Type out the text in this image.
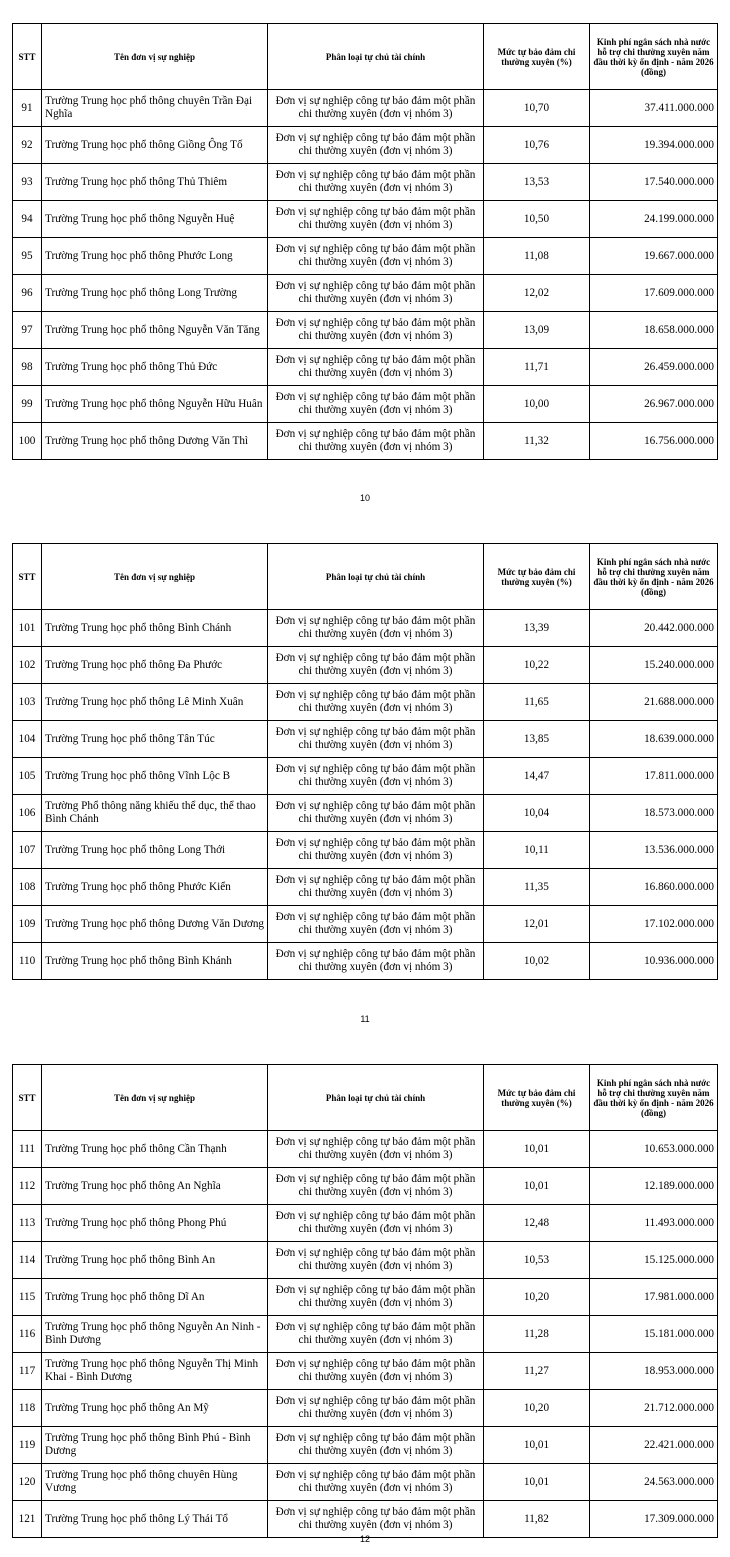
STT	Tên đơn vị sự nghiệp	Phân loại tự chủ tài chính	Mức tự bảo đảm chi thường xuyên (%)	Kinh phí ngân sách nhà nước hỗ trợ chi thường xuyên năm đầu thời kỳ ổn định - năm 2026 (đồng)
91	Trường Trung học phổ thông chuyên Trần Đại Nghĩa	Đơn vị sự nghiệp công tự bảo đảm một phần chi thường xuyên (đơn vị nhóm 3)	10,70	37.411.000.000
92	Trường Trung học phổ thông Giồng Ông Tố	Đơn vị sự nghiệp công tự bảo đảm một phần chi thường xuyên (đơn vị nhóm 3)	10,76	19.394.000.000
93	Trường Trung học phổ thông Thủ Thiêm	Đơn vị sự nghiệp công tự bảo đảm một phần chi thường xuyên (đơn vị nhóm 3)	13,53	17.540.000.000
94	Trường Trung học phổ thông Nguyễn Huệ	Đơn vị sự nghiệp công tự bảo đảm một phần chi thường xuyên (đơn vị nhóm 3)	10,50	24.199.000.000
95	Trường Trung học phổ thông Phước Long	Đơn vị sự nghiệp công tự bảo đảm một phần chi thường xuyên (đơn vị nhóm 3)	11,08	19.667.000.000
96	Trường Trung học phổ thông Long Trường	Đơn vị sự nghiệp công tự bảo đảm một phần chi thường xuyên (đơn vị nhóm 3)	12,02	17.609.000.000
97	Trường Trung học phổ thông Nguyễn Văn Tăng	Đơn vị sự nghiệp công tự bảo đảm một phần chi thường xuyên (đơn vị nhóm 3)	13,09	18.658.000.000
98	Trường Trung học phổ thông Thủ Đức	Đơn vị sự nghiệp công tự bảo đảm một phần chi thường xuyên (đơn vị nhóm 3)	11,71	26.459.000.000
99	Trường Trung học phổ thông Nguyễn Hữu Huân	Đơn vị sự nghiệp công tự bảo đảm một phần chi thường xuyên (đơn vị nhóm 3)	10,00	26.967.000.000
100	Trường Trung học phổ thông Dương Văn Thì	Đơn vị sự nghiệp công tự bảo đảm một phần chi thường xuyên (đơn vị nhóm 3)	11,32	16.756.000.000
10
STT	Tên đơn vị sự nghiệp	Phân loại tự chủ tài chính	Mức tự bảo đảm chi thường xuyên (%)	Kinh phí ngân sách nhà nước hỗ trợ chi thường xuyên năm đầu thời kỳ ổn định - năm 2026 (đồng)
101	Trường Trung học phổ thông Bình Chánh	Đơn vị sự nghiệp công tự bảo đảm một phần chi thường xuyên (đơn vị nhóm 3)	13,39	20.442.000.000
102	Trường Trung học phổ thông Đa Phước	Đơn vị sự nghiệp công tự bảo đảm một phần chi thường xuyên (đơn vị nhóm 3)	10,22	15.240.000.000
103	Trường Trung học phổ thông Lê Minh Xuân	Đơn vị sự nghiệp công tự bảo đảm một phần chi thường xuyên (đơn vị nhóm 3)	11,65	21.688.000.000
104	Trường Trung học phổ thông Tân Túc	Đơn vị sự nghiệp công tự bảo đảm một phần chi thường xuyên (đơn vị nhóm 3)	13,85	18.639.000.000
105	Trường Trung học phổ thông Vĩnh Lộc B	Đơn vị sự nghiệp công tự bảo đảm một phần chi thường xuyên (đơn vị nhóm 3)	14,47	17.811.000.000
106	Trường Phổ thông năng khiếu thể dục, thể thao Bình Chánh	Đơn vị sự nghiệp công tự bảo đảm một phần chi thường xuyên (đơn vị nhóm 3)	10,04	18.573.000.000
107	Trường Trung học phổ thông Long Thới	Đơn vị sự nghiệp công tự bảo đảm một phần chi thường xuyên (đơn vị nhóm 3)	10,11	13.536.000.000
108	Trường Trung học phổ thông Phước Kiển	Đơn vị sự nghiệp công tự bảo đảm một phần chi thường xuyên (đơn vị nhóm 3)	11,35	16.860.000.000
109	Trường Trung học phổ thông Dương Văn Dương	Đơn vị sự nghiệp công tự bảo đảm một phần chi thường xuyên (đơn vị nhóm 3)	12,01	17.102.000.000
110	Trường Trung học phổ thông Bình Khánh	Đơn vị sự nghiệp công tự bảo đảm một phần chi thường xuyên (đơn vị nhóm 3)	10,02	10.936.000.000
11
STT	Tên đơn vị sự nghiệp	Phân loại tự chủ tài chính	Mức tự bảo đảm chi thường xuyên (%)	Kinh phí ngân sách nhà nước hỗ trợ chi thường xuyên năm đầu thời kỳ ổn định - năm 2026 (đồng)
111	Trường Trung học phổ thông Cần Thạnh	Đơn vị sự nghiệp công tự bảo đảm một phần chi thường xuyên (đơn vị nhóm 3)	10,01	10.653.000.000
112	Trường Trung học phổ thông An Nghĩa	Đơn vị sự nghiệp công tự bảo đảm một phần chi thường xuyên (đơn vị nhóm 3)	10,01	12.189.000.000
113	Trường Trung học phổ thông Phong Phú	Đơn vị sự nghiệp công tự bảo đảm một phần chi thường xuyên (đơn vị nhóm 3)	12,48	11.493.000.000
114	Trường Trung học phổ thông Bình An	Đơn vị sự nghiệp công tự bảo đảm một phần chi thường xuyên (đơn vị nhóm 3)	10,53	15.125.000.000
115	Trường Trung học phổ thông Dĩ An	Đơn vị sự nghiệp công tự bảo đảm một phần chi thường xuyên (đơn vị nhóm 3)	10,20	17.981.000.000
116	Trường Trung học phổ thông Nguyễn An Ninh - Bình Dương	Đơn vị sự nghiệp công tự bảo đảm một phần chi thường xuyên (đơn vị nhóm 3)	11,28	15.181.000.000
117	Trường Trung học phổ thông Nguyễn Thị Minh Khai - Bình Dương	Đơn vị sự nghiệp công tự bảo đảm một phần chi thường xuyên (đơn vị nhóm 3)	11,27	18.953.000.000
118	Trường Trung học phổ thông An Mỹ	Đơn vị sự nghiệp công tự bảo đảm một phần chi thường xuyên (đơn vị nhóm 3)	10,20	21.712.000.000
119	Trường Trung học phổ thông Bình Phú - Bình Dương	Đơn vị sự nghiệp công tự bảo đảm một phần chi thường xuyên (đơn vị nhóm 3)	10,01	22.421.000.000
120	Trường Trung học phổ thông chuyên Hùng Vương	Đơn vị sự nghiệp công tự bảo đảm một phần chi thường xuyên (đơn vị nhóm 3)	10,01	24.563.000.000
121	Trường Trung học phổ thông Lý Thái Tổ	Đơn vị sự nghiệp công tự bảo đảm một phần chi thường xuyên (đơn vị nhóm 3)	11,82	17.309.000.000
12
